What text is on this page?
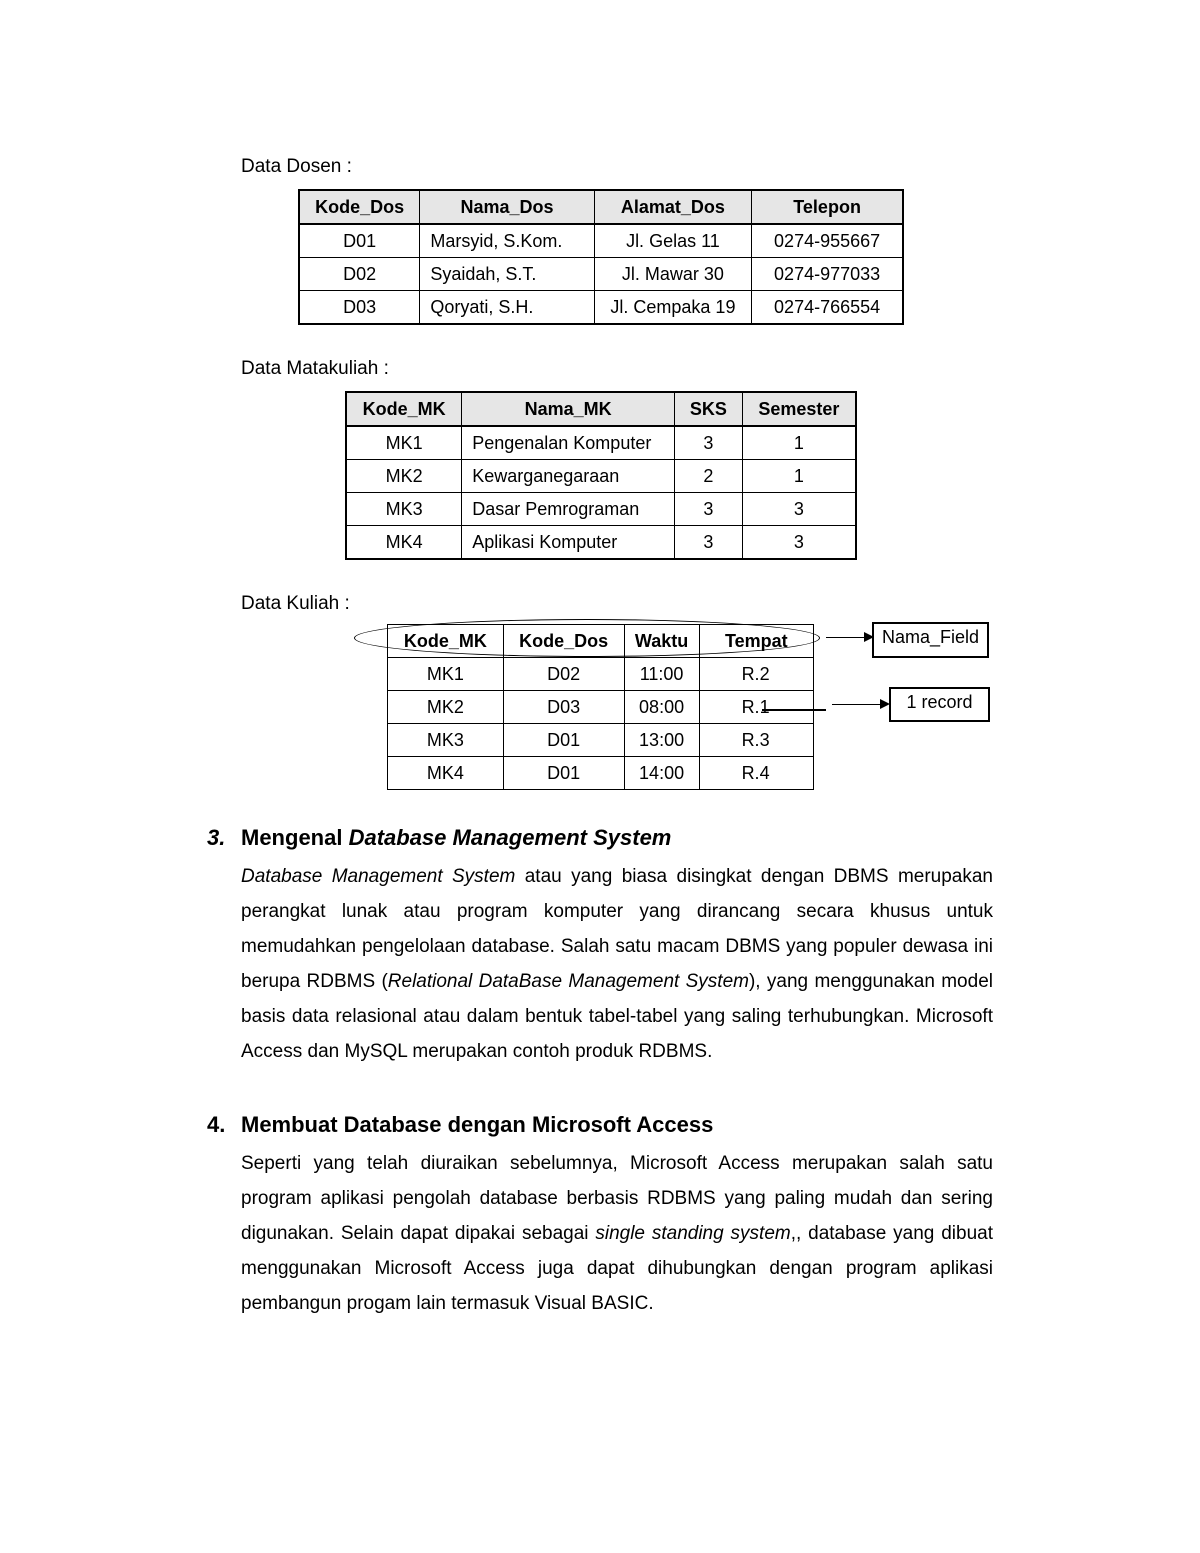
Data Dosen :
Kode_Dos	Nama_Dos	Alamat_Dos	Telepon
D01	Marsyid, S.Kom.	Jl. Gelas 11	0274-955667
D02	Syaidah, S.T.	Jl. Mawar 30	0274-977033
D03	Qoryati, S.H.	Jl. Cempaka 19	0274-766554
Data Matakuliah :
Kode_MK	Nama_MK	SKS	Semester
MK1	Pengenalan Komputer	3	1
MK2	Kewarganegaraan	2	1
MK3	Dasar Pemrograman	3	3
MK4	Aplikasi Komputer	3	3
Data Kuliah :
Kode_MK	Kode_Dos	Waktu	Tempat
MK1	D02	11:00	R.2
MK2	D03	08:00	R.1
MK3	D01	13:00	R.3
MK4	D01	14:00	R.4
Nama_Field
1 record
3. Mengenal Database Management System

Database Management System atau yang biasa disingkat dengan DBMS merupakan perangkat lunak atau program komputer yang dirancang secara khusus untuk memudahkan pengelolaan database. Salah satu macam DBMS yang populer dewasa ini berupa RDBMS (Relational DataBase Management System), yang menggunakan model basis data relasional atau dalam bentuk tabel-tabel yang saling terhubungkan. Microsoft Access dan MySQL merupakan contoh produk RDBMS.

4. Membuat Database dengan Microsoft Access

Seperti yang telah diuraikan sebelumnya, Microsoft Access merupakan salah satu program aplikasi pengolah database berbasis RDBMS yang paling mudah dan sering digunakan. Selain dapat dipakai sebagai single standing system,, database yang dibuat menggunakan Microsoft Access juga dapat dihubungkan dengan program aplikasi pembangun progam lain termasuk Visual BASIC.
